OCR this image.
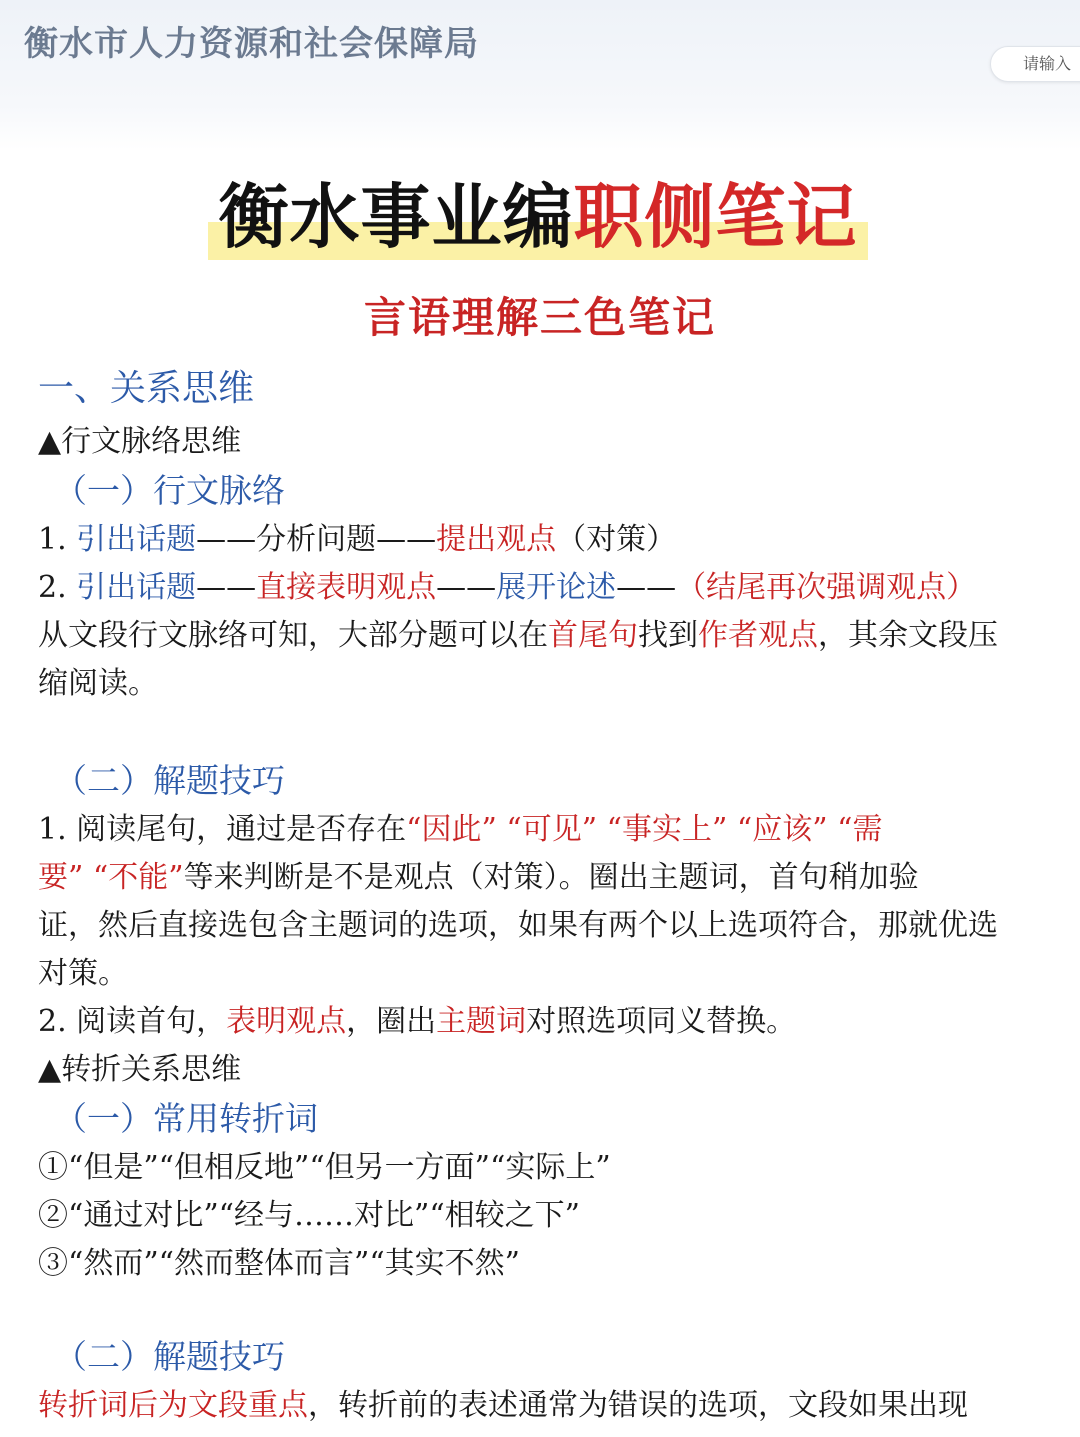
衡水市人力资源和社会保障局	请输入
衡水事业编职侧笔记
言语理解三色笔记
一、关系思维
▲行文脉络思维
（一）行文脉络
1. 引出话题——分析问题——提出观点（对策）
2. 引出话题——直接表明观点——展开论述——（结尾再次强调观点）
从文段行文脉络可知，大部分题可以在首尾句找到作者观点，其余文段压
缩阅读。
（二）解题技巧
1. 阅读尾句，通过是否存在“因此” “可见” “事实上” “应该” “需
要” “不能”等来判断是不是观点（对策）。圈出主题词，首句稍加验
证，然后直接选包含主题词的选项，如果有两个以上选项符合，那就优选
对策。
2. 阅读首句，表明观点，圈出主题词对照选项同义替换。
▲转折关系思维
（一）常用转折词
①“但是”“但相反地”“但另一方面”“实际上”
②“通过对比”“经与……对比”“相较之下”
③“然而”“然而整体而言”“其实不然”
（二）解题技巧
转折词后为文段重点，转折前的表述通常为错误的选项，文段如果出现
